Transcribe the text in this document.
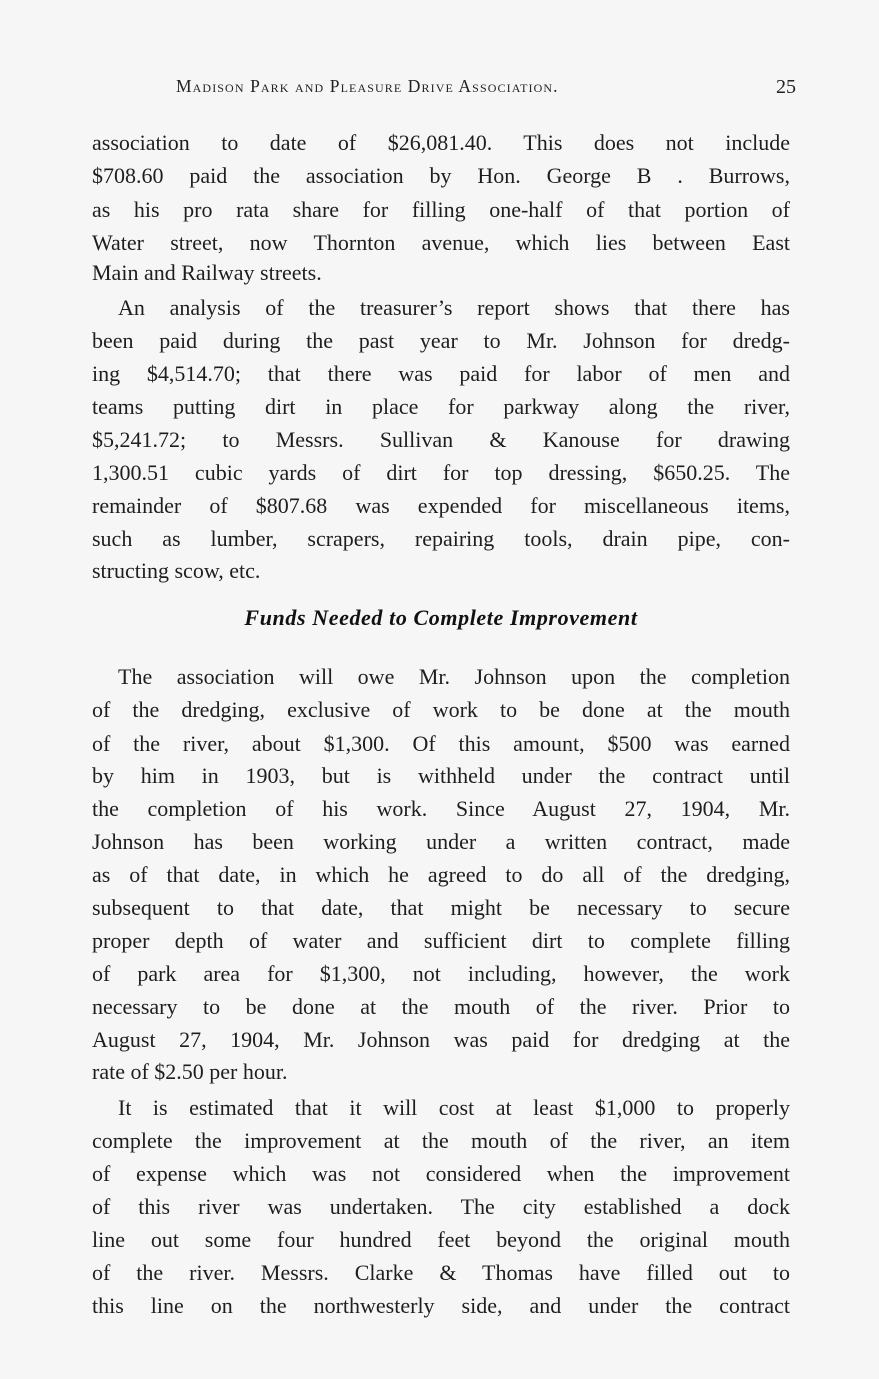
Madison Park and Pleasure Drive Association.	25
association to date of $26,081.40. This does not include
$708.60 paid the association by Hon. George B . Burrows,
as his pro rata share for filling one-half of that portion of
Water street, now Thornton avenue, which lies between East
Main and Railway streets.
An analysis of the treasurer’s report shows that there has
been paid during the past year to Mr. Johnson for dredg-
ing $4,514.70; that there was paid for labor of men and
teams putting dirt in place for parkway along the river,
$5,241.72; to Messrs. Sullivan & Kanouse for drawing
1,300.51 cubic yards of dirt for top dressing, $650.25. The
remainder of $807.68 was expended for miscellaneous items,
such as lumber, scrapers, repairing tools, drain pipe, con-
structing scow, etc.
Funds Needed to Complete Improvement
The association will owe Mr. Johnson upon the completion
of the dredging, exclusive of work to be done at the mouth
of the river, about $1,300. Of this amount, $500 was earned
by him in 1903, but is withheld under the contract until
the completion of his work. Since August 27, 1904, Mr.
Johnson has been working under a written contract, made
as of that date, in which he agreed to do all of the dredging,
subsequent to that date, that might be necessary to secure
proper depth of water and sufficient dirt to complete filling
of park area for $1,300, not including, however, the work
necessary to be done at the mouth of the river. Prior to
August 27, 1904, Mr. Johnson was paid for dredging at the
rate of $2.50 per hour.
It is estimated that it will cost at least $1,000 to properly
complete the improvement at the mouth of the river, an item
of expense which was not considered when the improvement
of this river was undertaken. The city established a dock
line out some four hundred feet beyond the original mouth
of the river. Messrs. Clarke & Thomas have filled out to
this line on the northwesterly side, and under the contract
